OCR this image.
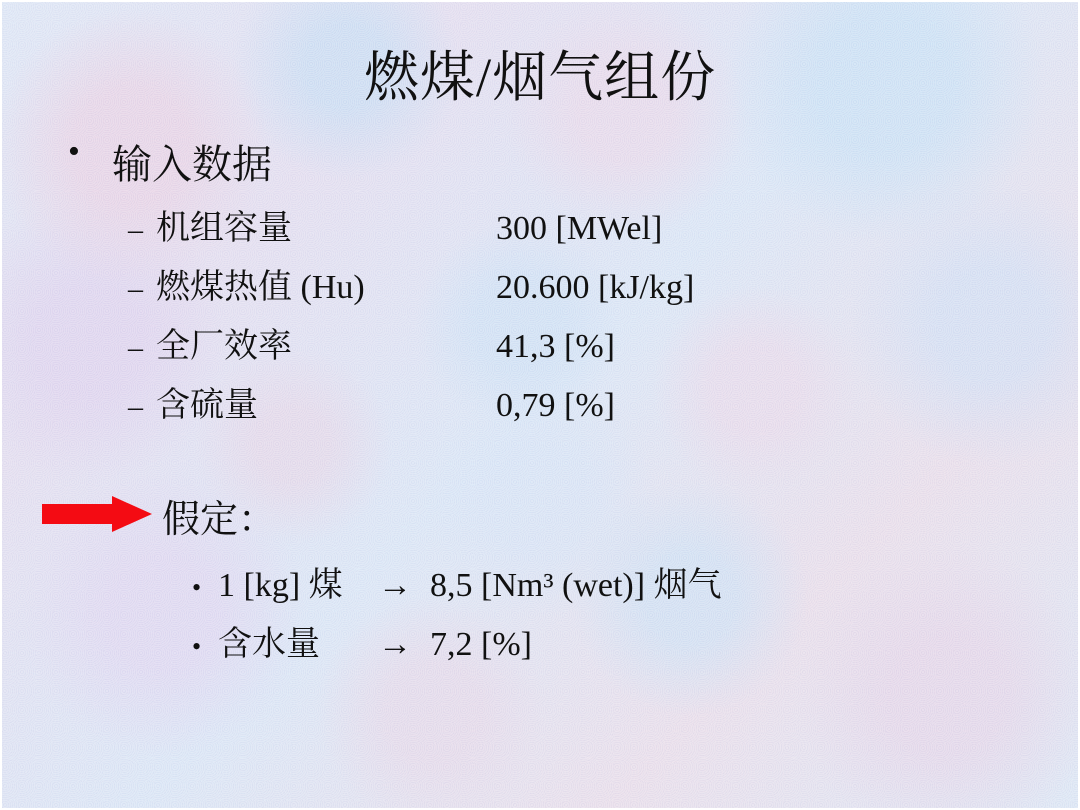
燃煤/烟气组份
• 输入数据
– 机组容量	300 [MWel]
– 燃煤热值 (Hu)	20.600 [kJ/kg]
– 全厂效率	41,3 [%]
– 含硫量	0,79 [%]
假定：
• 1 [kg] 煤	→ 8,5 [Nm³ (wet)] 烟气
• 含水量	→ 7,2 [%]
